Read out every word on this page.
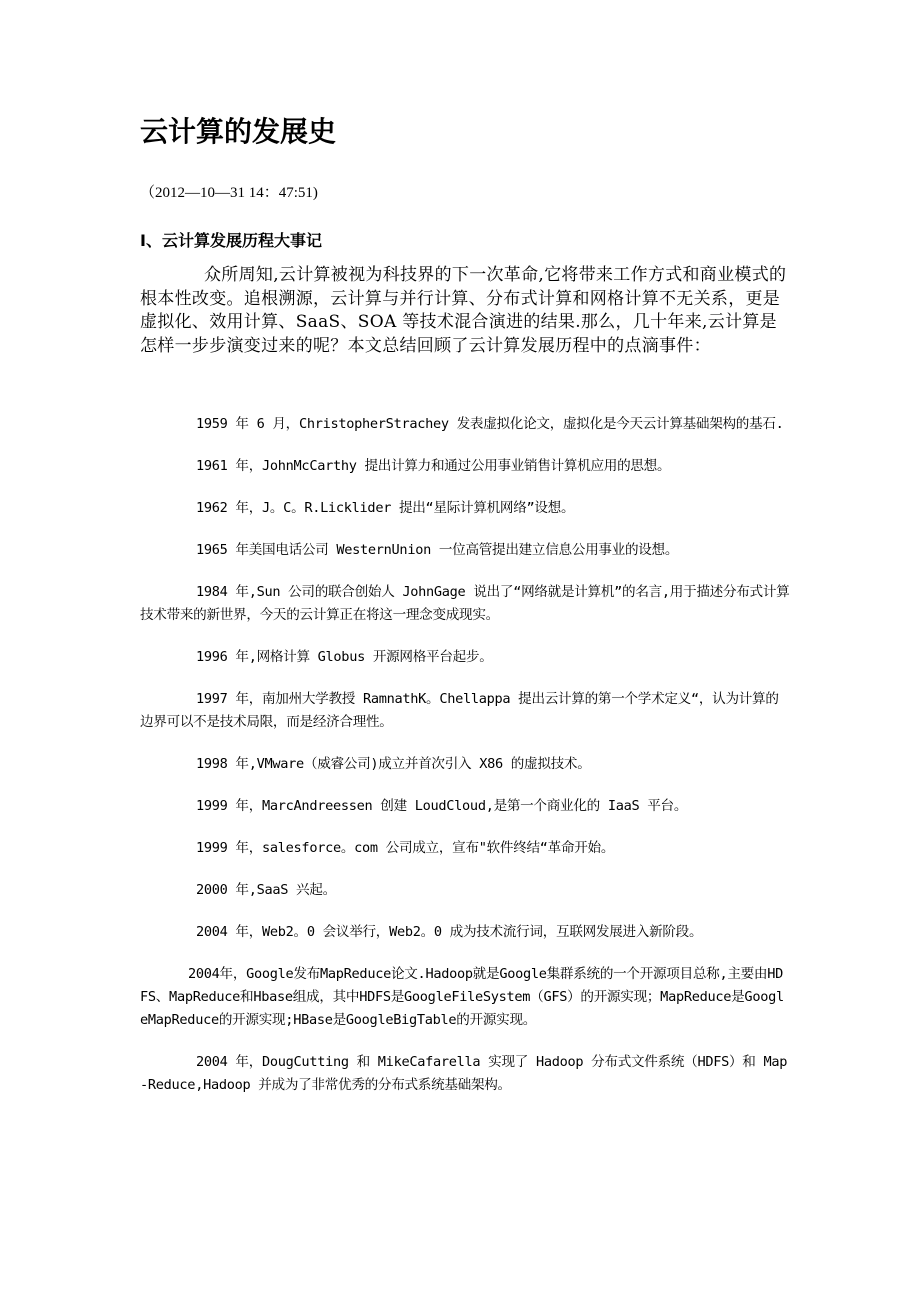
云计算的发展史
（2012—10—31 14：47:51)
I、云计算发展历程大事记

众所周知,云计算被视为科技界的下一次革命,它将带来工作方式和商业模式的根本性改变。追根溯源，云计算与并行计算、分布式计算和网格计算不无关系，更是虚拟化、效用计算、SaaS、SOA 等技术混合演进的结果.那么，几十年来,云计算是怎样一步步演变过来的呢？本文总结回顾了云计算发展历程中的点滴事件：

1959 年 6 月，ChristopherStrachey 发表虚拟化论文，虚拟化是今天云计算基础架构的基石.

1961 年，JohnMcCarthy 提出计算力和通过公用事业销售计算机应用的思想。

1962 年，J。C。R.Licklider 提出“星际计算机网络”设想。

1965 年美国电话公司 WesternUnion 一位高管提出建立信息公用事业的设想。

1984 年,Sun 公司的联合创始人 JohnGage 说出了“网络就是计算机”的名言,用于描述分布式计算技术带来的新世界，今天的云计算正在将这一理念变成现实。

1996 年,网格计算 Globus 开源网格平台起步。

1997 年，南加州大学教授 RamnathK。Chellappa 提出云计算的第一个学术定义“，认为计算的边界可以不是技术局限，而是经济合理性。

1998 年,VMware（威睿公司)成立并首次引入 X86 的虚拟技术。

1999 年，MarcAndreessen 创建 LoudCloud,是第一个商业化的 IaaS 平台。

1999 年，salesforce。com 公司成立，宣布"软件终结“革命开始。

2000 年,SaaS 兴起。

2004 年，Web2。0 会议举行，Web2。0 成为技术流行词，互联网发展进入新阶段。

2004年，Google发布MapReduce论文.Hadoop就是Google集群系统的一个开源项目总称,主要由HDFS、MapReduce和Hbase组成，其中HDFS是GoogleFileSystem（GFS）的开源实现；MapReduce是GoogleMapReduce的开源实现;HBase是GoogleBigTable的开源实现。

2004 年，DougCutting 和 MikeCafarella 实现了 Hadoop 分布式文件系统（HDFS）和 Map-Reduce,Hadoop 并成为了非常优秀的分布式系统基础架构。
